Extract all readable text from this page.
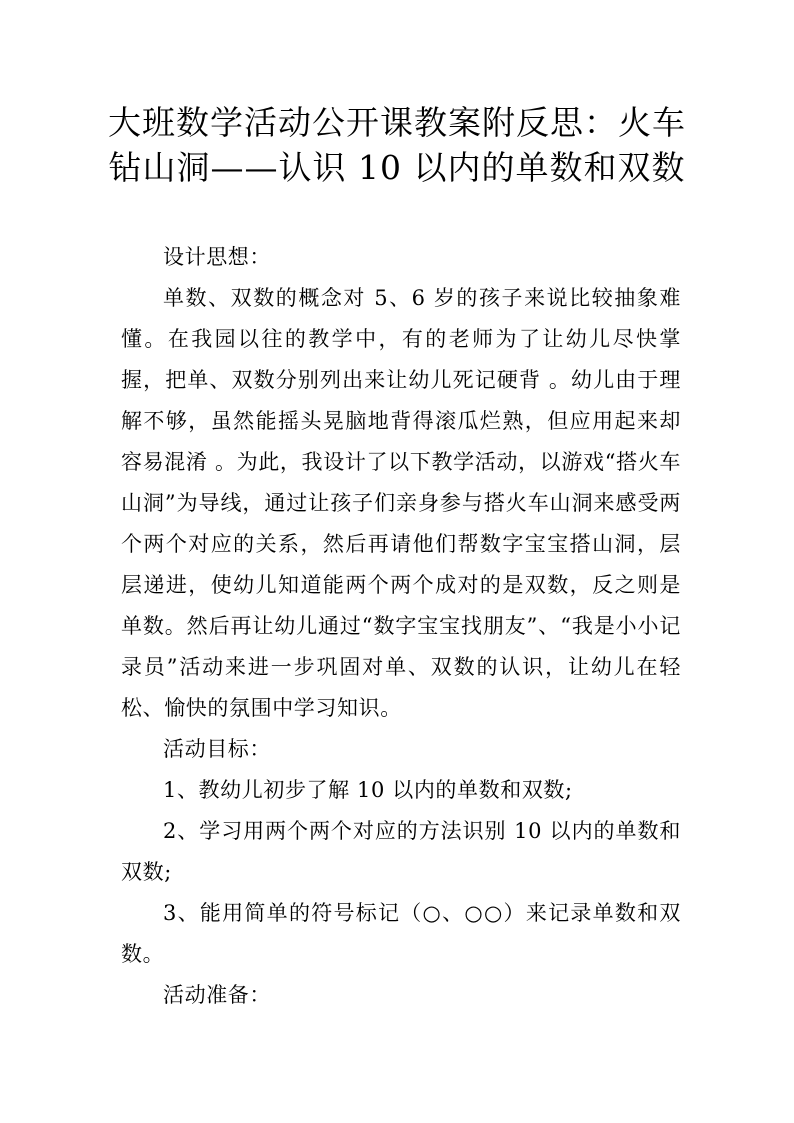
大班数学活动公开课教案附反思：火车
钻山洞——认识 10 以内的单数和双数

设计思想：

单数、双数的概念对 5、6 岁的孩子来说比较抽象难懂。在我园以往的教学中，有的老师为了让幼儿尽快掌握，把单、双数分别列出来让幼儿死记硬背 。幼儿由于理解不够，虽然能摇头晃脑地背得滚瓜烂熟，但应用起来却容易混淆 。为此，我设计了以下教学活动，以游戏“搭火车山洞”为导线，通过让孩子们亲身参与搭火车山洞来感受两个两个对应的关系，然后再请他们帮数字宝宝搭山洞，层层递进，使幼儿知道能两个两个成对的是双数，反之则是单数。然后再让幼儿通过“数字宝宝找朋友”、“我是小小记录员”活动来进一步巩固对单、双数的认识，让幼儿在轻松、愉快的氛围中学习知识。

活动目标：

1、教幼儿初步了解 10 以内的单数和双数;

2、学习用两个两个对应的方法识别 10 以内的单数和双数;

3、能用简单的符号标记（○、○○）来记录单数和双数。

活动准备：
